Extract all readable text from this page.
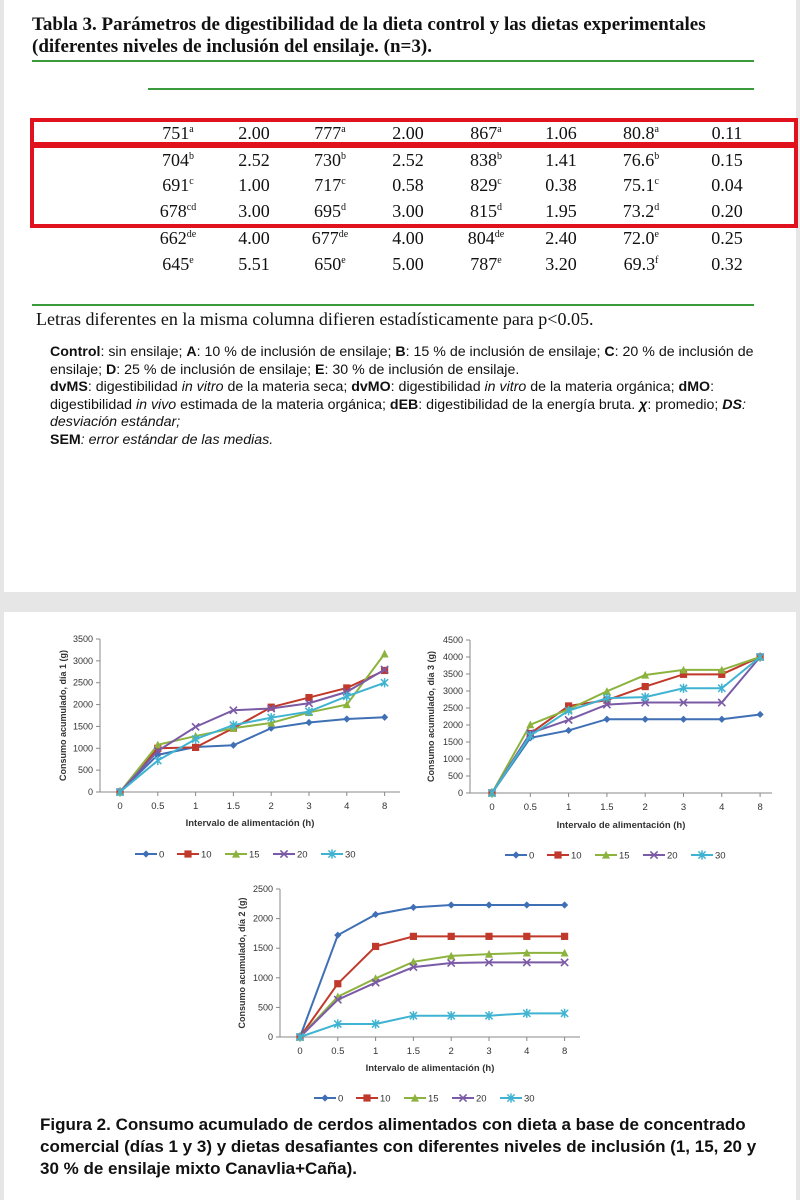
Tabla 3. Parámetros de digestibilidad de la dieta control y las dietas experimentales (diferentes niveles de inclusión del ensilaje. (n=3).
751$^a$ 2.00 777$^a$	2.00	867$^a$ 1.06	80.8$^a$	0.11
704$^b$ 2.52 730$^b$	2.52	838$^b$ 1.41	76.6$^b$	0.15
691$^c$ 1.00 717$^c$	0.58	829$^c$ 0.38	75.1$^c$	0.04
$678^{cd}$ 3.00 695$^d$	3.00	815$^d$ 1.95	73.2$^d$	0.20
662de 4.00 677de 4.00 804de 2.40	72.0e	0.25
645e 5.51 650e	5.00	787e 3.20	69.3$^f$	0.32
Letras diferentes en la misma columna difieren estadísticamente para p<0.05.
Control: sin ensilaje; A: 10 % de inclusión de ensilaje; B: 15 % de inclusión de ensilaje; C: 20 % de inclusión de ensilaje; D: 25 % de inclusión de ensilaje; E: 30 % de inclusión de ensilaje.
dvMS: digestibilidad in vitro de la materia seca; dvMO: digestibilidad in vitro de la materia orgánica; dMO: digestibilidad in vivo estimada de la materia orgánica; dEB: digestibilidad de la energía bruta. χ: promedio; DS: desviación estándar;
SEM: error estándar de las medias.
0
500
1000
1500
2000
2500
3000
3500
0	0.5	1	1.5	2	3	4	8
Intervalo de alimentación (h)
Consumo acumulado, día 1 (g)
0	10	15	20	30
0
500
1000
1500
2000
2500
3000
3500
4000
4500
0	0.5	1	1.5	2	3	4	8
Intervalo de alimentación (h)
Consumo acumulado, día 3 (g)
0	10	15	20	30
0
500
1000
1500
2000
2500
0	0.5	1	1.5	2	3	4	8
Intervalo de alimentación (h)
Consumo acumulado, día 2 (g)
0	10	15	20	30
Figura 2. Consumo acumulado de cerdos alimentados con dieta a base de concentrado comercial (días 1 y 3) y dietas desafiantes con diferentes niveles de inclusión (1, 15, 20 y 30 % de ensilaje mixto Canavlia+Caña).
